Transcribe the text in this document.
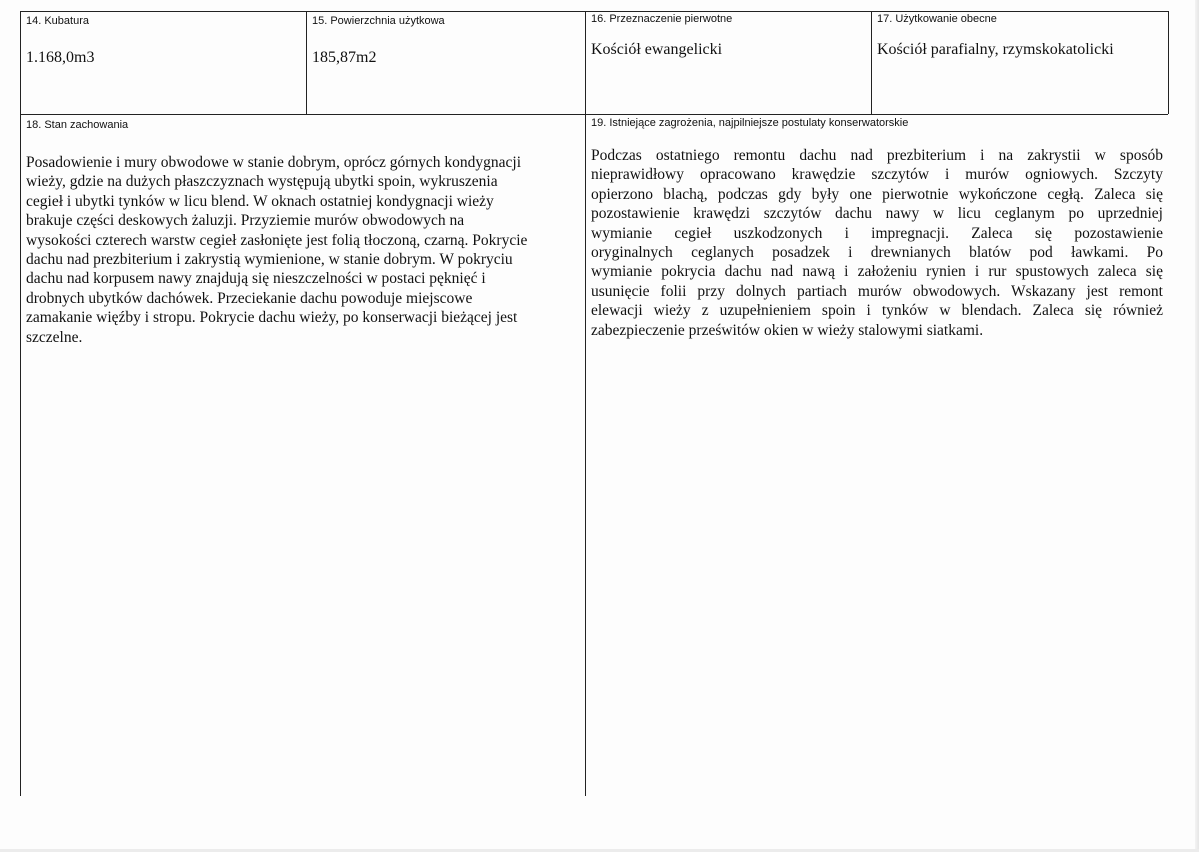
14. Kubatura
1.168,0m3
15. Powierzchnia użytkowa
185,87m2
16. Przeznaczenie pierwotne
Kościół ewangelicki
17. Użytkowanie obecne
Kościół parafialny, rzymskokatolicki
18. Stan zachowania
Posadowienie i mury obwodowe w stanie dobrym, oprócz górnych kondygnacji
wieży, gdzie na dużych płaszczyznach występują ubytki spoin, wykruszenia
cegieł i ubytki tynków w licu blend. W oknach ostatniej kondygnacji wieży
brakuje części deskowych żaluzji. Przyziemie murów obwodowych na
wysokości czterech warstw cegieł zasłonięte jest folią tłoczoną, czarną. Pokrycie
dachu nad prezbiterium i zakrystią wymienione, w stanie dobrym. W pokryciu
dachu nad korpusem nawy znajdują się nieszczelności w postaci pęknięć i
drobnych ubytków dachówek. Przeciekanie dachu powoduje miejscowe
zamakanie więźby i stropu. Pokrycie dachu wieży, po konserwacji bieżącej jest
szczelne.
19. Istniejące zagrożenia, najpilniejsze postulaty konserwatorskie
Podczas ostatniego remontu dachu nad prezbiterium i na zakrystii w sposób
nieprawidłowy opracowano krawędzie szczytów i murów ogniowych. Szczyty
opierzono blachą, podczas gdy były one pierwotnie wykończone cegłą. Zaleca się
pozostawienie krawędzi szczytów dachu nawy w licu ceglanym po uprzedniej
wymianie cegieł uszkodzonych i impregnacji. Zaleca się pozostawienie
oryginalnych ceglanych posadzek i drewnianych blatów pod ławkami. Po
wymianie pokrycia dachu nad nawą i założeniu rynien i rur spustowych zaleca się
usunięcie folii przy dolnych partiach murów obwodowych. Wskazany jest remont
elewacji wieży z uzupełnieniem spoin i tynków w blendach. Zaleca się również
zabezpieczenie prześwitów okien w wieży stalowymi siatkami.
